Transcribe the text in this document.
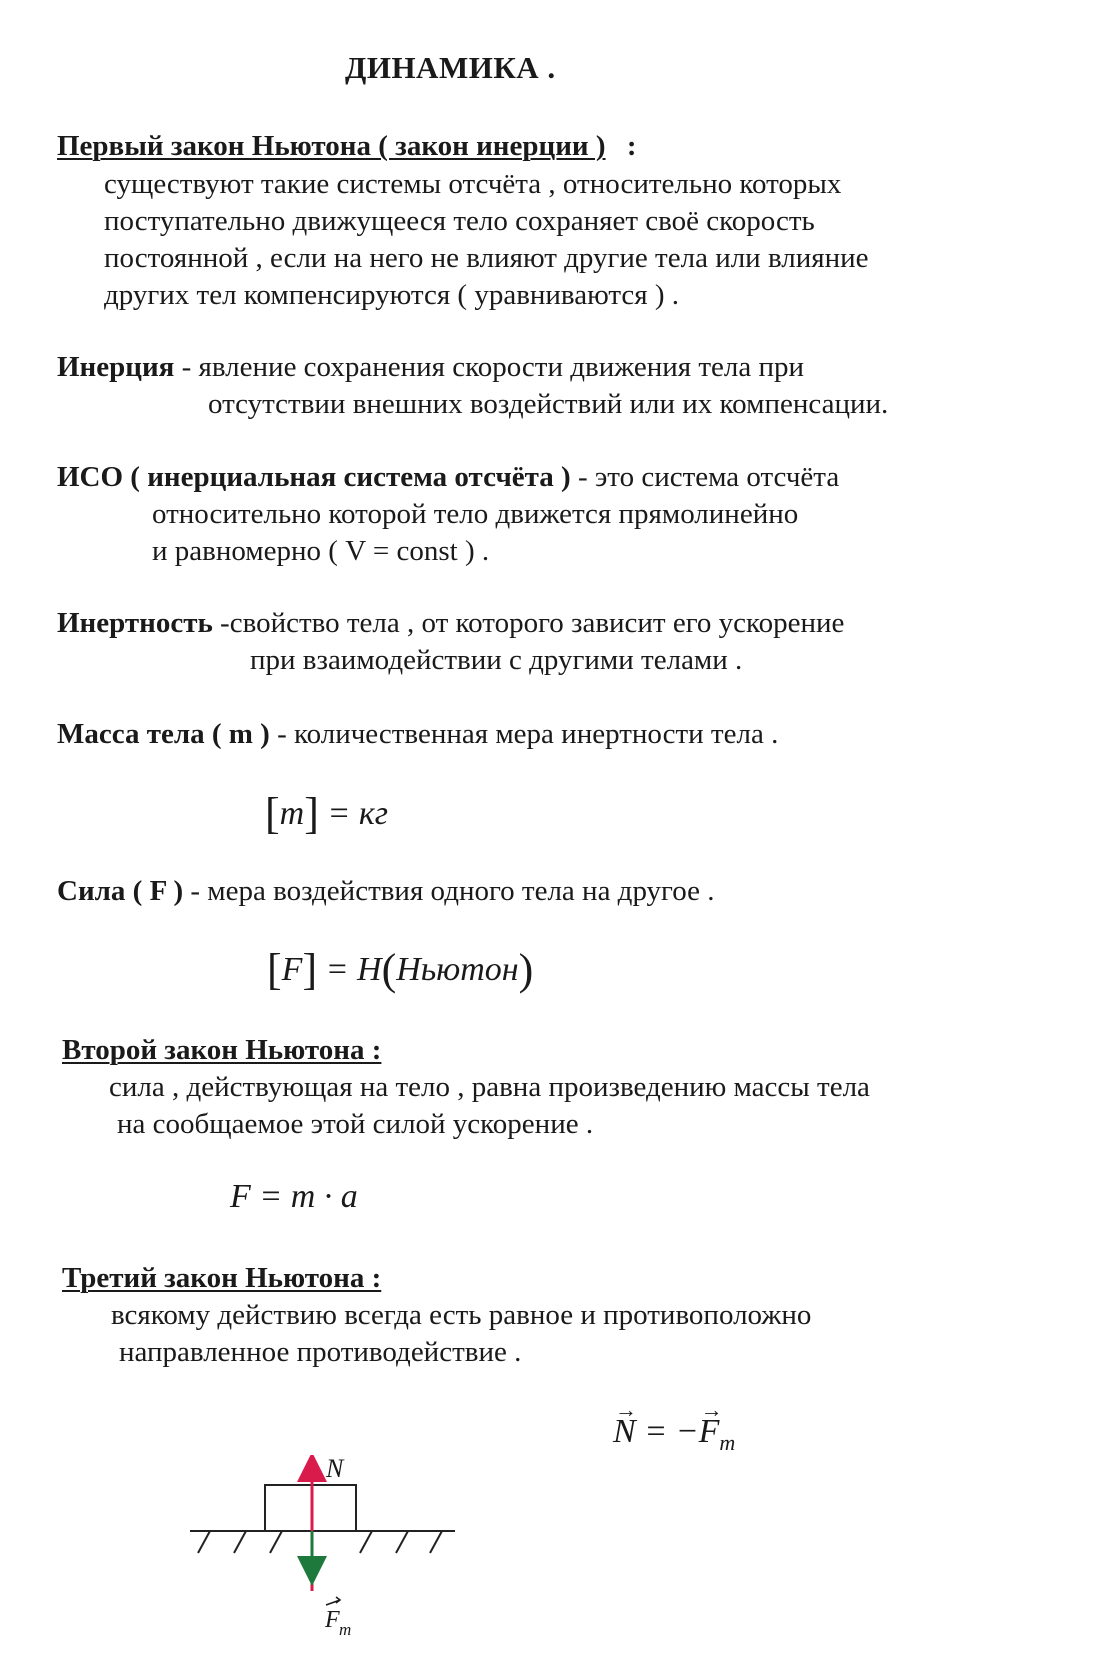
ДИНАМИКА .
Первый закон Ньютона ( закон инерции ) :
существуют такие системы отсчёта , относительно которых
поступательно движущееся тело сохраняет своё скорость
постоянной , если на него не влияют другие тела или влияние
других тел компенсируются ( уравниваются ) .
Инерция - явление сохранения скорости движения тела при
отсутствии внешних воздействий или их компенсации.
ИСО ( инерциальная система отсчёта ) - это система отсчёта
относительно которой тело движется прямолинейно
и равномерно ( V = const ) .
Инертность -свойство тела , от которого зависит его ускорение
при взаимодействии с другими телами .
Масса тела ( m ) - количественная мера инертности тела .
[m] = кг
Сила ( F ) - мера воздействия одного тела на другое .
[F] = H(Ньютон)
Второй закон Ньютона :
сила , действующая на тело , равна произведению массы тела
на сообщаемое этой силой ускорение .
F = m · a
Третий закон Ньютона :
всякому действию всегда есть равное и противоположно
направленное противодействие .
→ N = −→ $F_т$
N
F т
